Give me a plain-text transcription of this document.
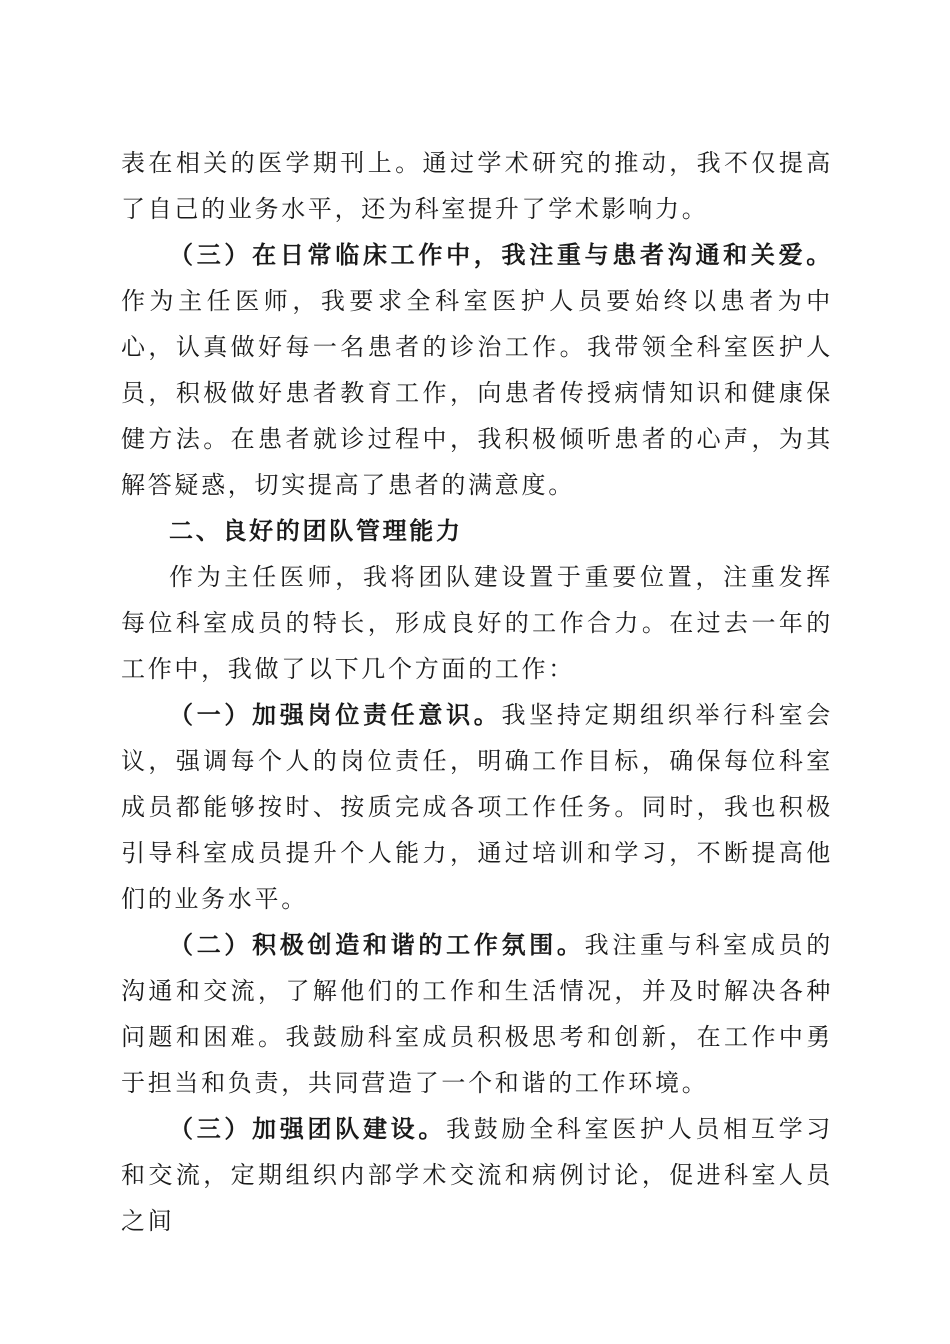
表在相关的医学期刊上。通过学术研究的推动，我不仅提高了自己的业务水平，还为科室提升了学术影响力。

（三）在日常临床工作中，我注重与患者沟通和关爱。作为主任医师，我要求全科室医护人员要始终以患者为中心，认真做好每一名患者的诊治工作。我带领全科室医护人员，积极做好患者教育工作，向患者传授病情知识和健康保健方法。在患者就诊过程中，我积极倾听患者的心声，为其解答疑惑，切实提高了患者的满意度。

二、良好的团队管理能力

作为主任医师，我将团队建设置于重要位置，注重发挥每位科室成员的特长，形成良好的工作合力。在过去一年的工作中，我做了以下几个方面的工作：

（一）加强岗位责任意识。我坚持定期组织举行科室会议，强调每个人的岗位责任，明确工作目标，确保每位科室成员都能够按时、按质完成各项工作任务。同时，我也积极引导科室成员提升个人能力，通过培训和学习，不断提高他们的业务水平。

（二）积极创造和谐的工作氛围。我注重与科室成员的沟通和交流，了解他们的工作和生活情况，并及时解决各种问题和困难。我鼓励科室成员积极思考和创新，在工作中勇于担当和负责，共同营造了一个和谐的工作环境。

（三）加强团队建设。我鼓励全科室医护人员相互学习和交流，定期组织内部学术交流和病例讨论，促进科室人员之间
